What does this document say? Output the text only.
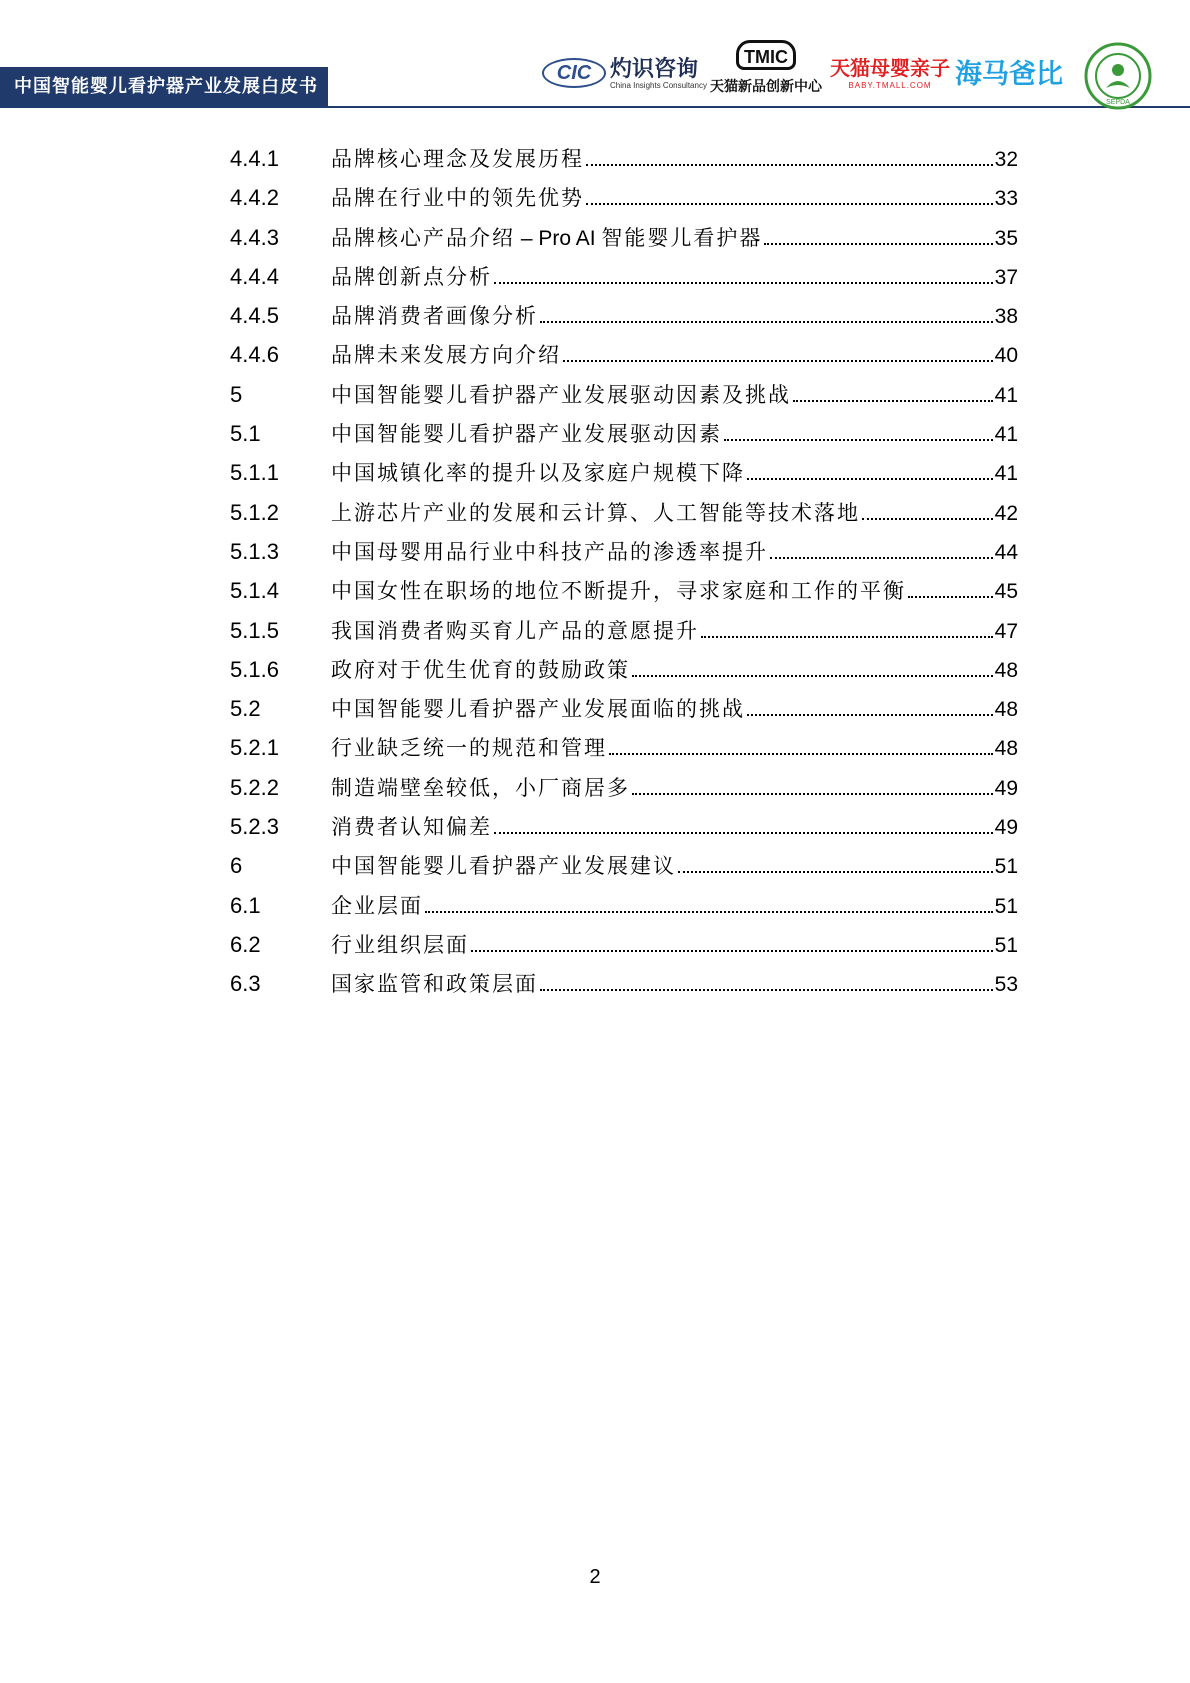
中国智能婴儿看护器产业发展白皮书
CIC 灼识咨询
China Insights Consultancy
TMIC
天猫新品创新中心
天猫母婴亲子
BABY.TMALL.COM 海马爸比
SEPDA
4.4.1	品牌核心理念及发展历程	32
4.4.2	品牌在行业中的领先优势	33
4.4.3	品牌核心产品介绍 – Pro AI 智能婴儿看护器	35
4.4.4	品牌创新点分析	37
4.4.5	品牌消费者画像分析	38
4.4.6	品牌未来发展方向介绍	40
5	中国智能婴儿看护器产业发展驱动因素及挑战	41
5.1	中国智能婴儿看护器产业发展驱动因素	41
5.1.1	中国城镇化率的提升以及家庭户规模下降	41
5.1.2	上游芯片产业的发展和云计算、人工智能等技术落地	42
5.1.3	中国母婴用品行业中科技产品的渗透率提升	44
5.1.4	中国女性在职场的地位不断提升，寻求家庭和工作的平衡	45
5.1.5	我国消费者购买育儿产品的意愿提升	47
5.1.6	政府对于优生优育的鼓励政策	48
5.2	中国智能婴儿看护器产业发展面临的挑战	48
5.2.1	行业缺乏统一的规范和管理	48
5.2.2	制造端壁垒较低，小厂商居多	49
5.2.3	消费者认知偏差	49
6	中国智能婴儿看护器产业发展建议	51
6.1	企业层面	51
6.2	行业组织层面	51
6.3	国家监管和政策层面	53
2
